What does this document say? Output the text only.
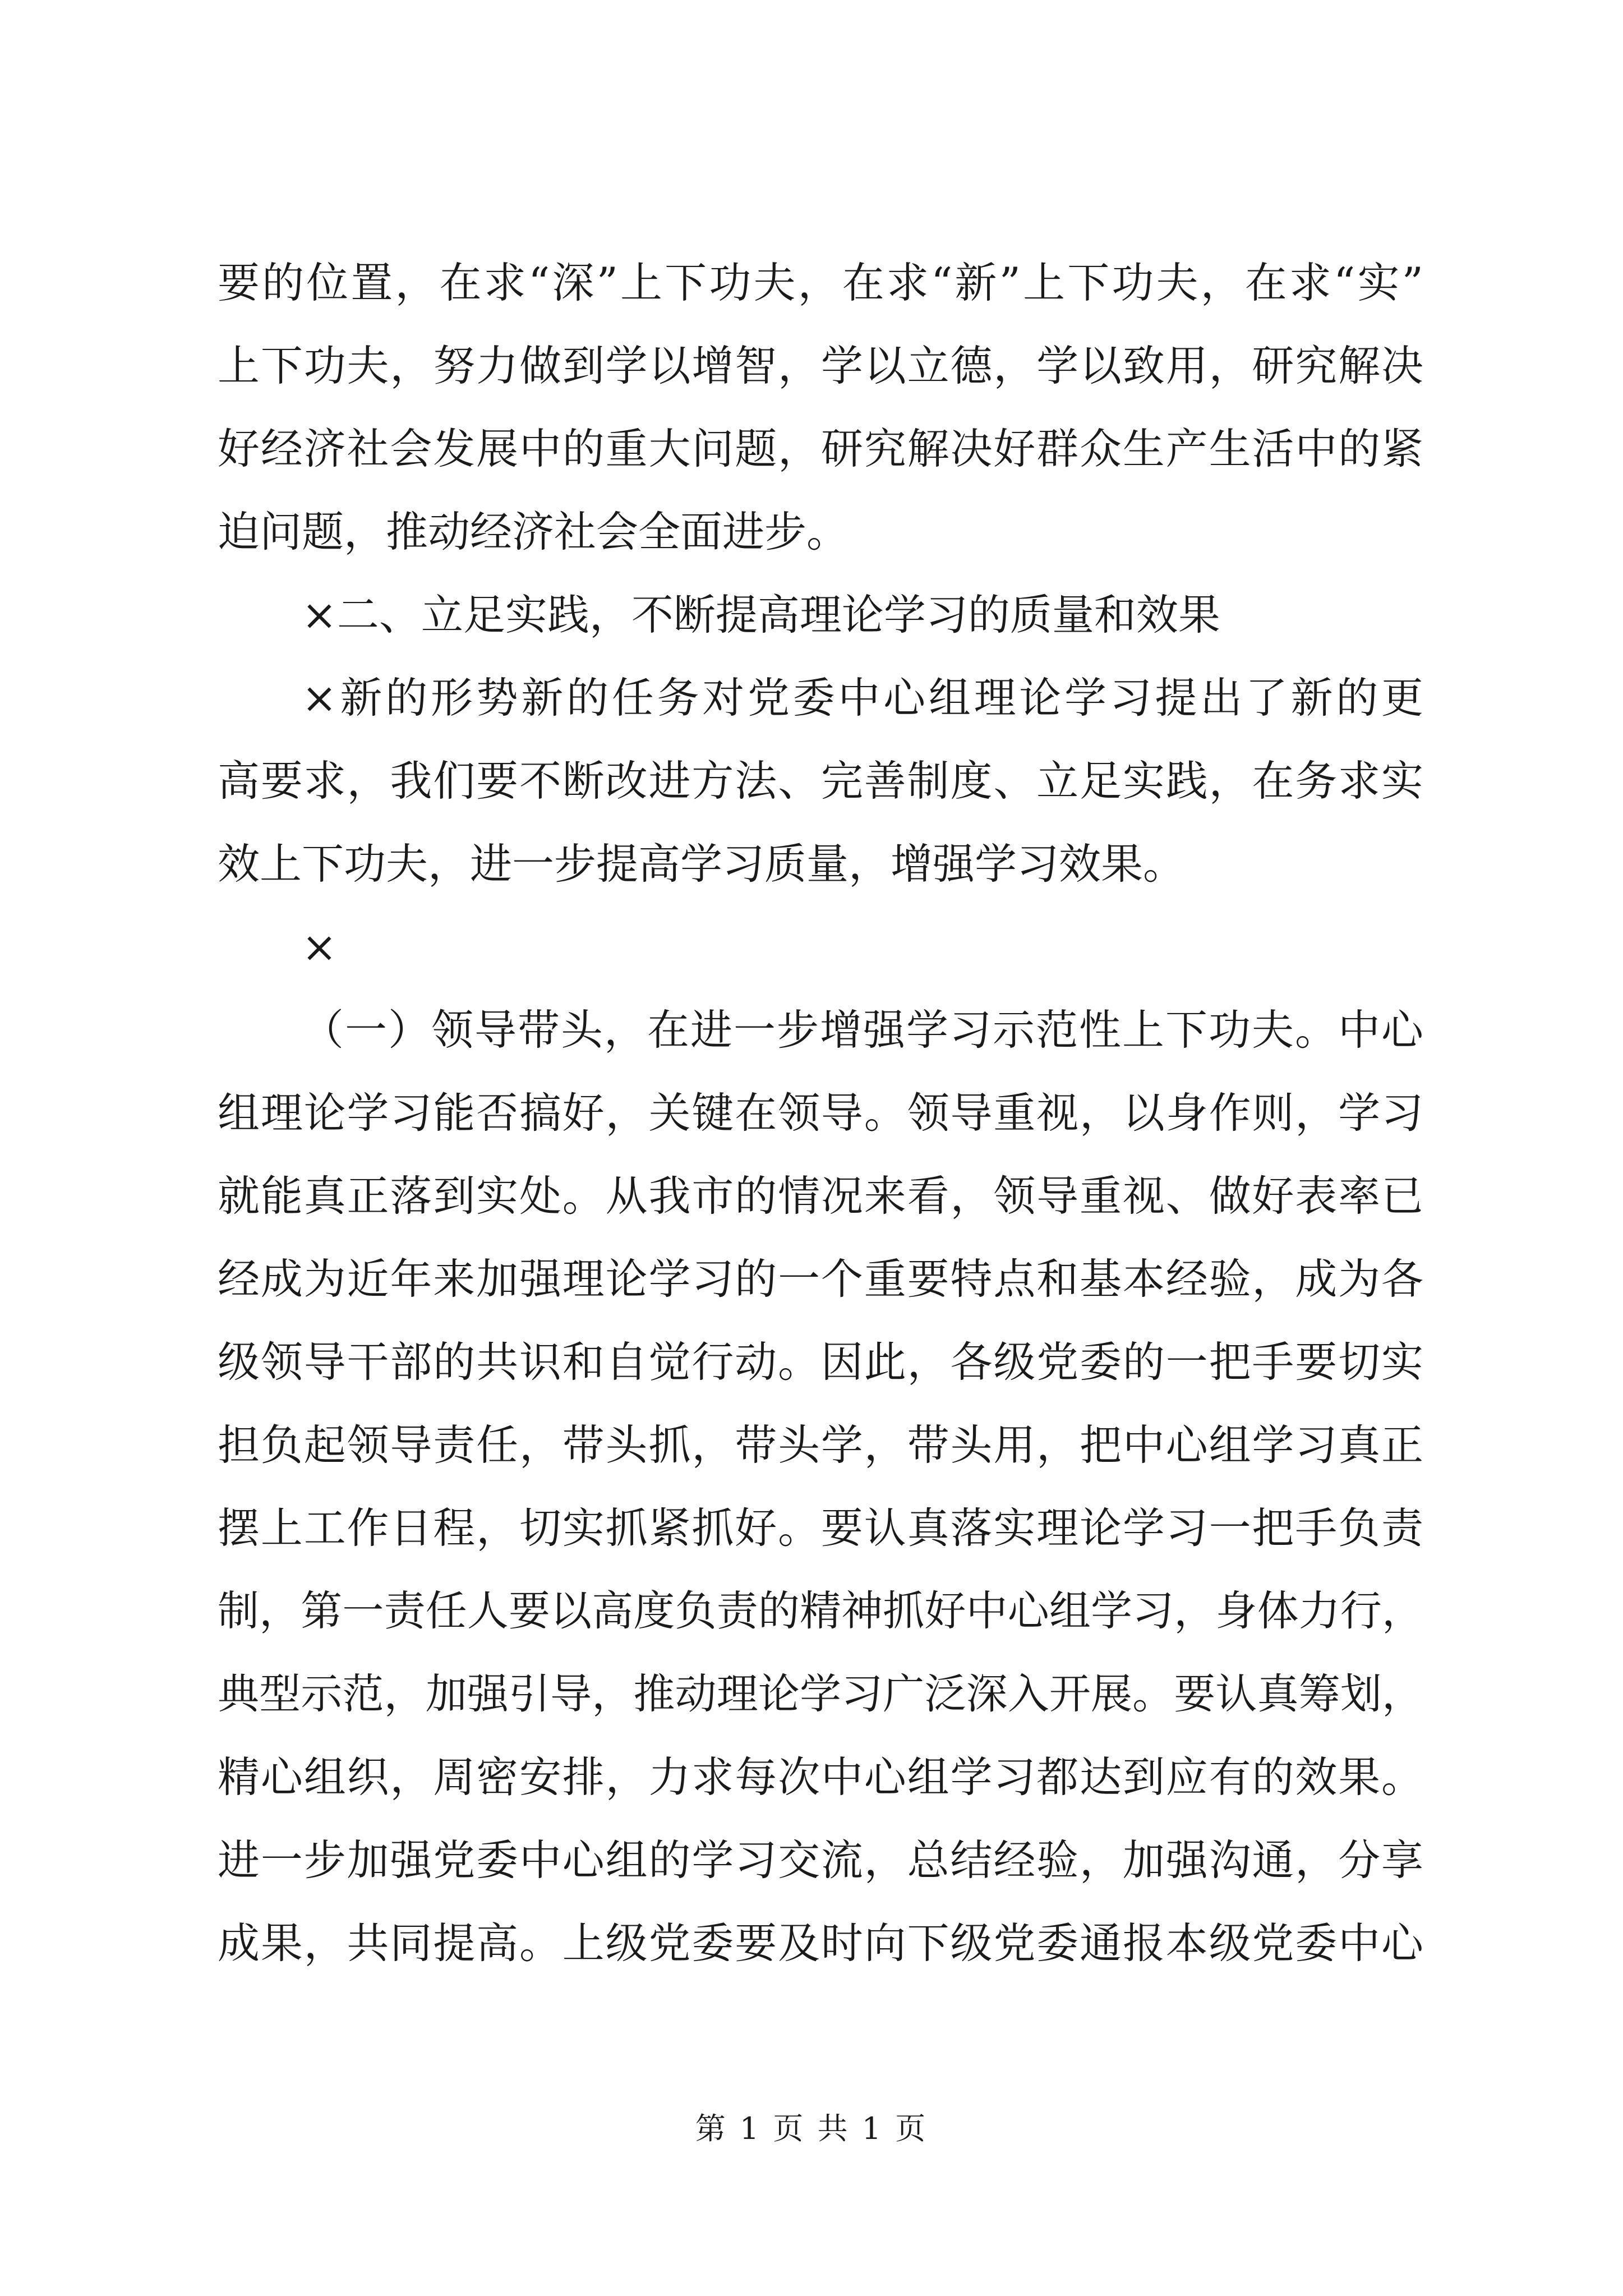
要的位置，在求“深”上下功夫，在求“新”上下功夫，在求“实”
上下功夫，努力做到学以增智，学以立德，学以致用，研究解决
好经济社会发展中的重大问题，研究解决好群众生产生活中的紧
迫问题，推动经济社会全面进步。
×二、立足实践，不断提高理论学习的质量和效果
×新的形势新的任务对党委中心组理论学习提出了新的更
高要求，我们要不断改进方法、完善制度、立足实践，在务求实
效上下功夫，进一步提高学习质量，增强学习效果。
×
（一）领导带头，在进一步增强学习示范性上下功夫。中心
组理论学习能否搞好，关键在领导。领导重视，以身作则，学习
就能真正落到实处。从我市的情况来看，领导重视、做好表率已
经成为近年来加强理论学习的一个重要特点和基本经验，成为各
级领导干部的共识和自觉行动。因此，各级党委的一把手要切实
担负起领导责任，带头抓，带头学，带头用，把中心组学习真正
摆上工作日程，切实抓紧抓好。要认真落实理论学习一把手负责
制，第一责任人要以高度负责的精神抓好中心组学习，身体力行，
典型示范，加强引导，推动理论学习广泛深入开展。要认真筹划，
精心组织，周密安排，力求每次中心组学习都达到应有的效果。
进一步加强党委中心组的学习交流，总结经验，加强沟通，分享
成果，共同提高。上级党委要及时向下级党委通报本级党委中心
第 1 页 共 1 页
